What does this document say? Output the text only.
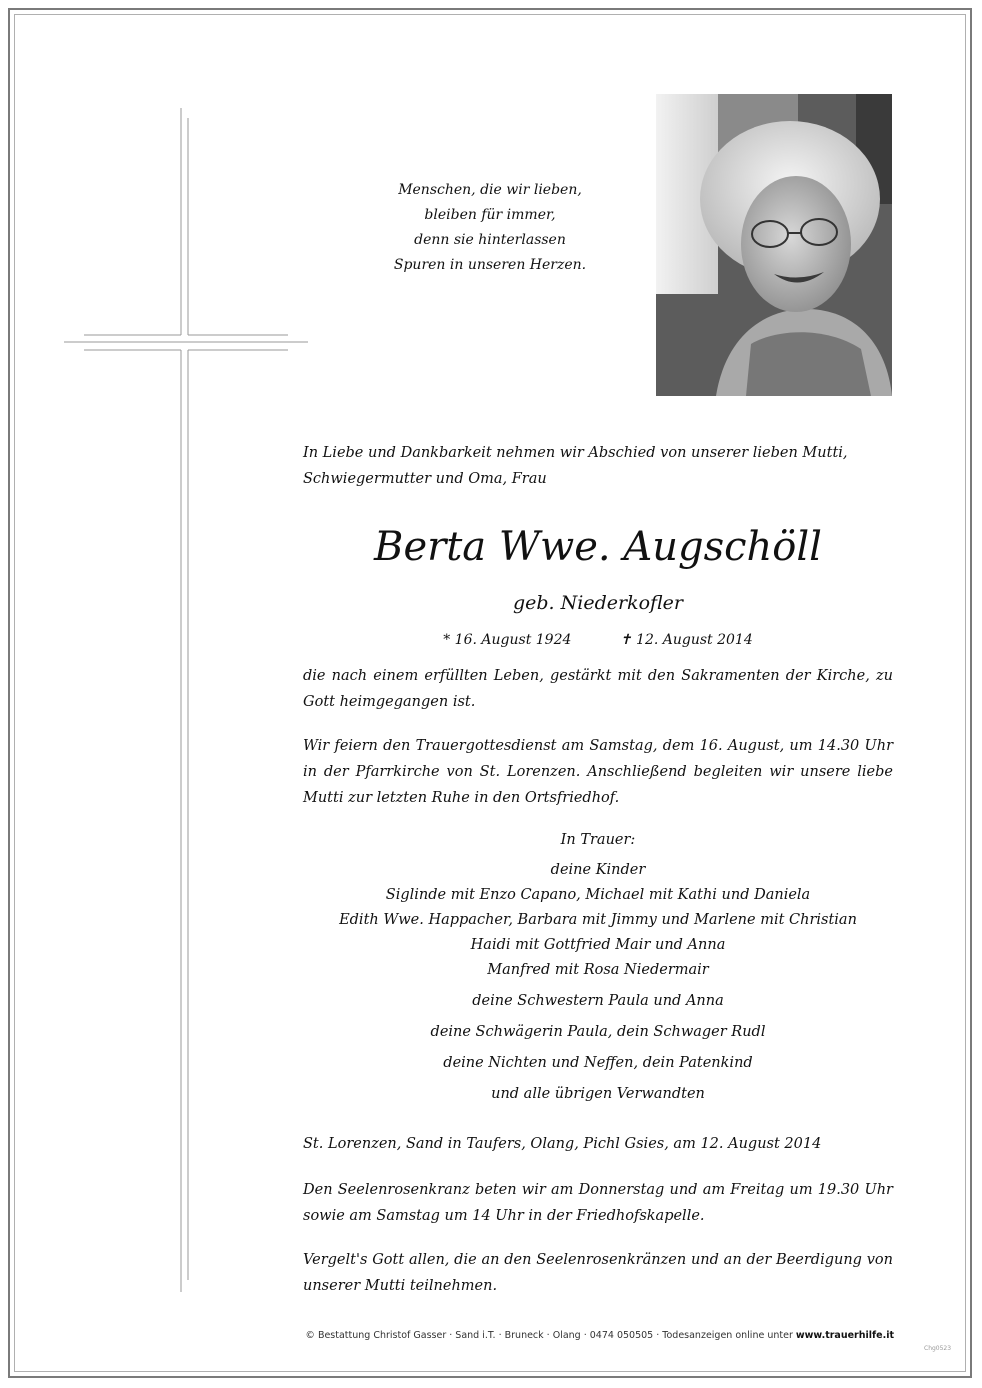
Menschen, die wir lieben,
bleiben für immer,
denn sie hinterlassen
Spuren in unseren Herzen.
In Liebe und Dankbarkeit nehmen wir Abschied von unserer lieben Mutti, Schwiegermutter und Oma, Frau
Berta Wwe. Augschöll
geb. Niederkofler
* 16. August 1924	✝ 12. August 2014
die nach einem erfüllten Leben, gestärkt mit den Sakramenten der Kirche, zu Gott heimgegangen ist.
Wir feiern den Trauergottesdienst am Samstag, dem 16. August, um 14.30 Uhr in der Pfarrkirche von St. Lorenzen. Anschließend begleiten wir unsere liebe Mutti zur letzten Ruhe in den Ortsfriedhof.
In Trauer:
deine Kinder
Siglinde mit Enzo Capano, Michael mit Kathi und Daniela
Edith Wwe. Happacher, Barbara mit Jimmy und Marlene mit Christian
Haidi mit Gottfried Mair und Anna
Manfred mit Rosa Niedermair
deine Schwestern Paula und Anna
deine Schwägerin Paula, dein Schwager Rudl
deine Nichten und Neffen, dein Patenkind
und alle übrigen Verwandten
St. Lorenzen, Sand in Taufers, Olang, Pichl Gsies, am 12. August 2014
Den Seelenrosenkranz beten wir am Donnerstag und am Freitag um 19.30 Uhr sowie am Samstag um 14 Uhr in der Friedhofskapelle.
Vergelt's Gott allen, die an den Seelenrosenkränzen und an der Beerdigung von unserer Mutti teilnehmen.
© Bestattung Christof Gasser · Sand i.T. · Bruneck · Olang · 0474 050505 · Todesanzeigen online unter www.trauerhilfe.it
Chg0523
